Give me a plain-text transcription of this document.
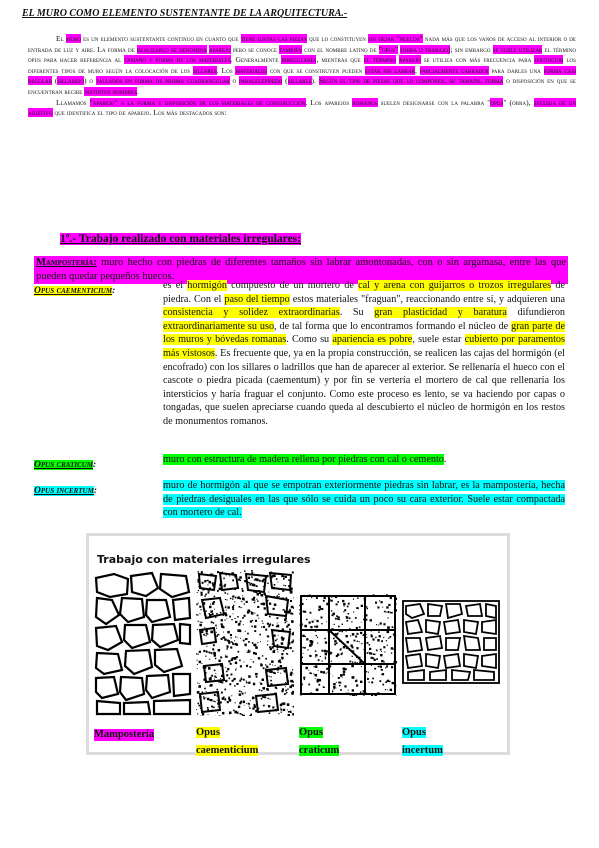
EL MURO COMO ELEMENTO SUSTENTANTE DE LA ARQUITECTURA.-

El muro es un elemento sustentante continuo en cuanto que tiene juntas las piezas que lo constituyen sin dejar "huecos" nada más que los vanos de acceso al interior o de entrada de luz y aire. La forma de realizarlo se denomina aparejo pero se conoce también con el nombre latino de "opus" (obra o trabajo); sin embargo se suele utilizar el término opus para hacer referencia al tamaño y forma de los materiales. Generalmente irregulares, mientras que el término aparejo se utiliza con más frecuencia para distinguir los diferentes tipos de muro según la colocación de los sillares. Los materiales con que se construyen pueden estar sin labrar, parcialmente labrados para darles una forma casi regular (sillarejo) o tallados en forma de prisma cuadrangular o paralelepípedo (sillares). Según el tipo de piezas que lo componen, su tamaño, forma o disposición en que se encuentran recibe distintos nombres.

Llamamos "aparejo" a la forma y disposición de los materiales de construcción. Los aparejos romanos suelen designarse con la palabra "opus" (obra), seguida de un adjetivo que identifica el tipo de aparejo. Los más destacados son:

1º.- Trabajo realizado con materiales irregulares:
Mampostería: muro hecho con piedras de diferentes tamaños sin labrar amontonadas, con o sin argamasa, entre las que pueden quedar pequeños huecos.
Opus caementicium:	es el hormigón compuesto de un mortero de cal y arena con guijarros o trozos irregulares de piedra. Con el paso del tiempo estos materiales "fraguan", reaccionando entre sí, y adquieren una consistencia y solidez extraordinarias. Su gran plasticidad y baratura difundieron extraordinariamente su uso, de tal forma que lo encontramos formando el núcleo de gran parte de los muros y bóvedas romanas. Como su apariencia es pobre, suele estar cubierto por paramentos más vistosos. Es frecuente que, ya en la propia construcción, se realicen las cajas del hormigón (el encofrado) con los sillares o ladrillos que han de aparecer al exterior. Se rellenaría el hueco con el cascote o piedra picada (caementum) y por fin se vertería el mortero de cal que rellenaría los intersticios y haría fraguar el conjunto. Como este proceso es lento, se va haciendo por capas o tongadas, que suelen apreciarse cuando queda al descubierto el núcleo de hormigón en los restos de monumentos romanos.
Opus craticum:	muro con estructura de madera rellena por piedras con cal o cemento.
Opus incertum:	muro de hormigón al que se empotran exteriormente piedras sin labrar, es la mampostería, hecha de piedras desiguales en las que sólo se cuida un poco su cara exterior. Suele estar compactada con mortero de cal.
Trabajo con materiales irregulares
Mampostería	Opus
caementicium
Opus
craticum
Opus
incertum
